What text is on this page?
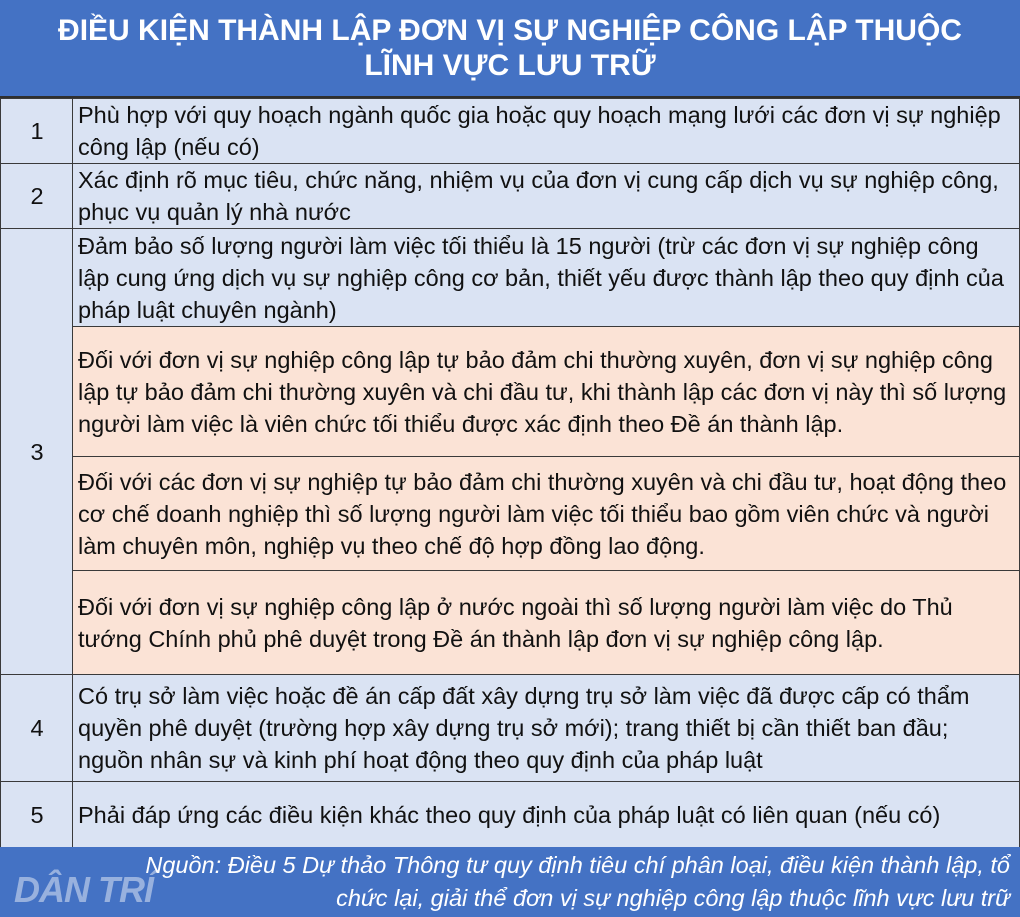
ĐIỀU KIỆN THÀNH LẬP ĐƠN VỊ SỰ NGHIỆP CÔNG LẬP THUỘC
LĨNH VỰC LƯU TRỮ
1	Phù hợp với quy hoạch ngành quốc gia hoặc quy hoạch mạng lưới các đơn vị sự nghiệp công lập (nếu có)
2	Xác định rõ mục tiêu, chức năng, nhiệm vụ của đơn vị cung cấp dịch vụ sự nghiệp công, phục vụ quản lý nhà nước
3	Đảm bảo số lượng người làm việc tối thiểu là 15 người (trừ các đơn vị sự nghiệp công lập cung ứng dịch vụ sự nghiệp công cơ bản, thiết yếu được thành lập theo quy định của pháp luật chuyên ngành)
	Đối với đơn vị sự nghiệp công lập tự bảo đảm chi thường xuyên, đơn vị sự nghiệp công lập tự bảo đảm chi thường xuyên và chi đầu tư, khi thành lập các đơn vị này thì số lượng người làm việc là viên chức tối thiểu được xác định theo Đề án thành lập.
	Đối với các đơn vị sự nghiệp tự bảo đảm chi thường xuyên và chi đầu tư, hoạt động theo cơ chế doanh nghiệp thì số lượng người làm việc tối thiểu bao gồm viên chức và người làm chuyên môn, nghiệp vụ theo chế độ hợp đồng lao động.
	Đối với đơn vị sự nghiệp công lập ở nước ngoài thì số lượng người làm việc do Thủ tướng Chính phủ phê duyệt trong Đề án thành lập đơn vị sự nghiệp công lập.
4	Có trụ sở làm việc hoặc đề án cấp đất xây dựng trụ sở làm việc đã được cấp có thẩm quyền phê duyệt (trường hợp xây dựng trụ sở mới); trang thiết bị cần thiết ban đầu; nguồn nhân sự và kinh phí hoạt động theo quy định của pháp luật
5	Phải đáp ứng các điều kiện khác theo quy định của pháp luật có liên quan (nếu có)
Nguồn: Điều 5 Dự thảo Thông tư quy định tiêu chí phân loại, điều kiện thành lập, tổ
chức lại, giải thể đơn vị sự nghiệp công lập thuộc lĩnh vực lưu trữ
DÂN TRÍ
